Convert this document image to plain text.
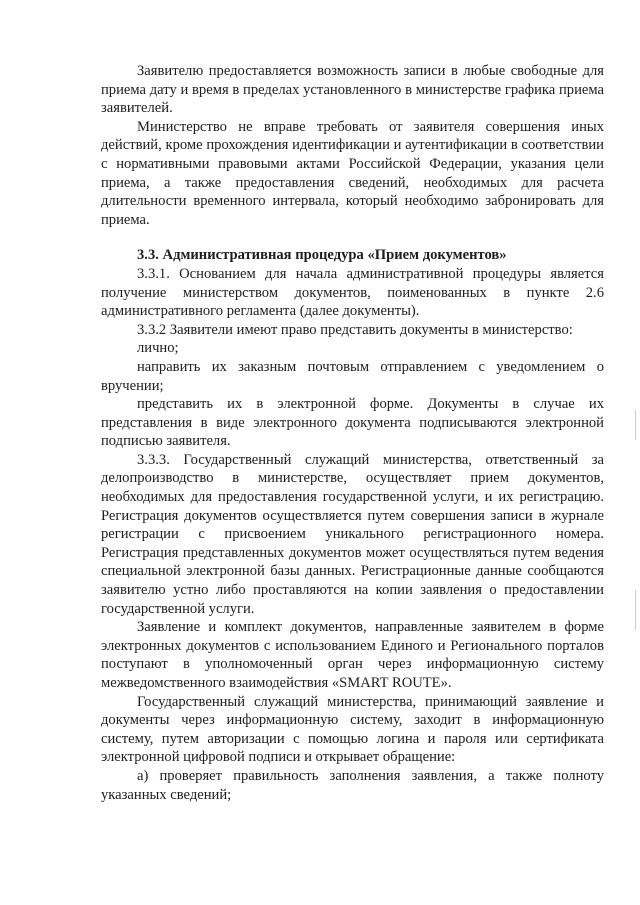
Заявителю предоставляется возможность записи в любые свободные для приема дату и время в пределах установленного в министерстве графика приема заявителей.

Министерство не вправе требовать от заявителя совершения иных действий, кроме прохождения идентификации и аутентификации в соответствии с нормативными правовыми актами Российской Федерации, указания цели приема, а также предоставления сведений, необходимых для расчета длительности временного интервала, который необходимо забронировать для приема.

3.3. Административная процедура «Прием документов»

3.3.1. Основанием для начала административной процедуры является получение министерством документов, поименованных в пункте 2.6 административного регламента (далее документы).

3.3.2 Заявители имеют право представить документы в министерство:

лично;

направить их заказным почтовым отправлением с уведомлением о вручении;

представить их в электронной форме. Документы в случае их представления в виде электронного документа подписываются электронной подписью заявителя.

3.3.3. Государственный служащий министерства, ответственный за делопроизводство в министерстве, осуществляет прием документов, необходимых для предоставления государственной услуги, и их регистрацию. Регистрация документов осуществляется путем совершения записи в журнале регистрации с присвоением уникального регистрационного номера. Регистрация представленных документов может осуществляться путем ведения специальной электронной базы данных. Регистрационные данные сообщаются заявителю устно либо проставляются на копии заявления о предоставлении государственной услуги.

Заявление и комплект документов, направленные заявителем в форме электронных документов с использованием Единого и Регионального порталов поступают в уполномоченный орган через информационную систему межведомственного взаимодействия «SMART ROUTE».

Государственный служащий министерства, принимающий заявление и документы через информационную систему, заходит в информационную систему, путем авторизации с помощью логина и пароля или сертификата электронной цифровой подписи и открывает обращение:

а) проверяет правильность заполнения заявления, а также полноту указанных сведений;
